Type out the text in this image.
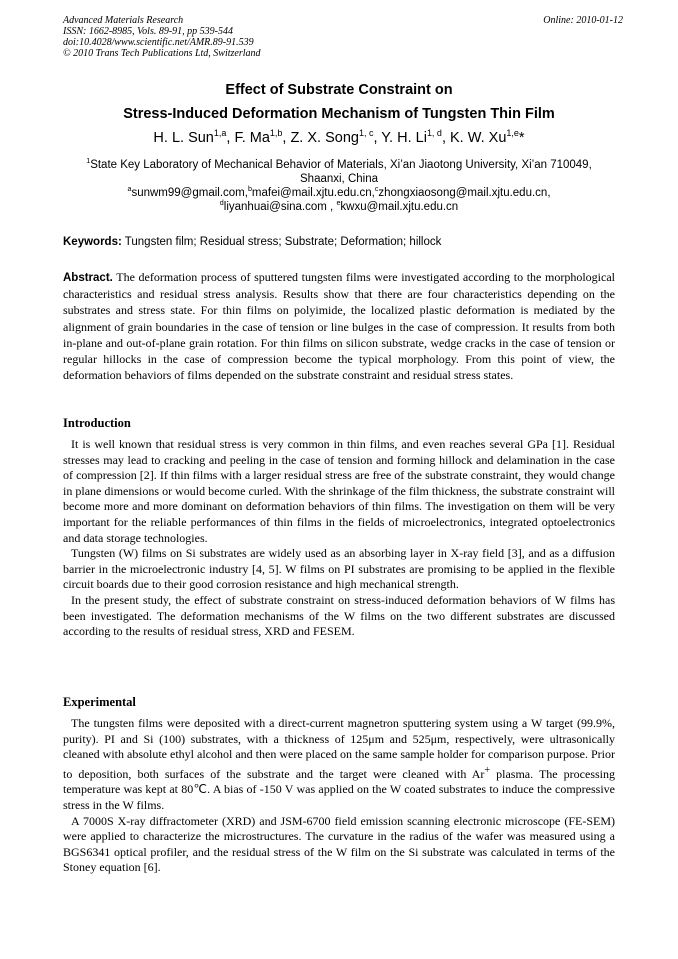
Advanced Materials Research
ISSN: 1662-8985, Vols. 89-91, pp 539-544
doi:10.4028/www.scientific.net/AMR.89-91.539
© 2010 Trans Tech Publications Ltd, Switzerland
Online: 2010-01-12
Effect of Substrate Constraint on
Stress-Induced Deformation Mechanism of Tungsten Thin Film
H. L. Sun$^{1,a}$, F. Ma$^{1,b}$, Z. X. Song$^{1, c}$, Y. H. Li$^{1, d}$, K. W. Xu$^{1,e}$*
$^1$State Key Laboratory of Mechanical Behavior of Materials, Xi’an Jiaotong University, Xi’an 710049,
Shaanxi, China
$^a$sunwm99@gmail.com,$^b$mafei@mail.xjtu.edu.cn,$^c$zhongxiaosong@mail.xjtu.edu.cn,
$^d$liyanhuai@sina.com , $^e$kwxu@mail.xjtu.edu.cn
Keywords: Tungsten film; Residual stress; Substrate; Deformation; hillock
Abstract. The deformation process of sputtered tungsten films were investigated according to the morphological characteristics and residual stress analysis. Results show that there are four characteristics depending on the substrates and stress state. For thin films on polyimide, the localized plastic deformation is mediated by the alignment of grain boundaries in the case of tension or line bulges in the case of compression. It results from both in-plane and out-of-plane grain rotation. For thin films on silicon substrate, wedge cracks in the case of tension or regular hillocks in the case of compression become the typical morphology. From this point of view, the deformation behaviors of films depended on the substrate constraint and residual stress states.
Introduction

It is well known that residual stress is very common in thin films, and even reaches several GPa [1]. Residual stresses may lead to cracking and peeling in the case of tension and forming hillock and delamination in the case of compression [2]. If thin films with a larger residual stress are free of the substrate constraint, they would change in plane dimensions or would become curled. With the shrinkage of the film thickness, the substrate constraint will become more and more dominant on deformation behaviors of thin films. The investigation on them will be very important for the reliable performances of thin films in the fields of microelectronics, integrated optoelectronics and data storage technologies.

Tungsten (W) films on Si substrates are widely used as an absorbing layer in X-ray field [3], and as a diffusion barrier in the microelectronic industry [4, 5]. W films on PI substrates are promising to be applied in the flexible circuit boards due to their good corrosion resistance and high mechanical strength.

In the present study, the effect of substrate constraint on stress-induced deformation behaviors of W films has been investigated. The deformation mechanisms of the W films on the two different substrates are discussed according to the results of residual stress, XRD and FESEM.

Experimental

The tungsten films were deposited with a direct-current magnetron sputtering system using a W target (99.9%, purity). PI and Si (100) substrates, with a thickness of 125μm and 525μm, respectively, were ultrasonically cleaned with absolute ethyl alcohol and then were placed on the same sample holder for comparison purpose. Prior to deposition, both surfaces of the substrate and the target were cleaned with Ar+ plasma. The processing temperature was kept at 80℃. A bias of -150 V was applied on the W coated substrates to induce the compressive stress in the W films.

A 7000S X-ray diffractometer (XRD) and JSM-6700 field emission scanning electronic microscope (FE-SEM) were applied to characterize the microstructures. The curvature in the radius of the wafer was measured using a BGS6341 optical profiler, and the residual stress of the W film on the Si substrate was calculated in terms of the Stoney equation [6].
